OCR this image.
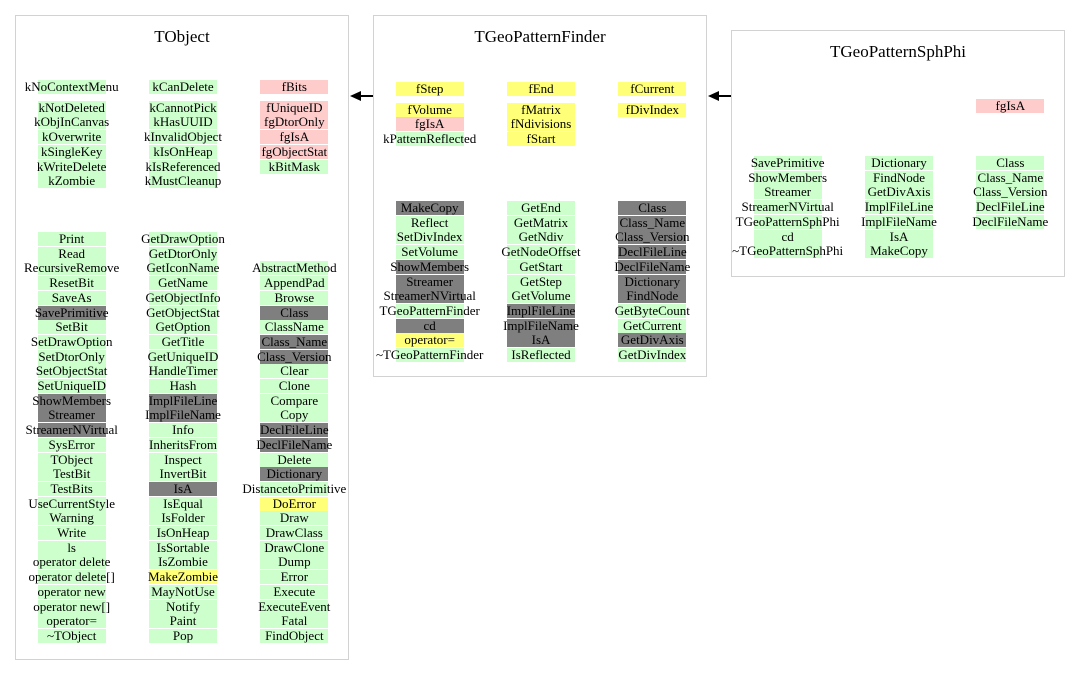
TObject
kNoContextMenu
kNotDeleted
kObjInCanvas
kOverwrite
kSingleKey
kWriteDelete
kZombie
kCanDelete
kCannotPick
kHasUUID
kInvalidObject
kIsOnHeap
kIsReferenced
kMustCleanup
fBits
fUniqueID
fgDtorOnly
fgIsA
fgObjectStat
kBitMask
Print
Read
RecursiveRemove
ResetBit
SaveAs
SavePrimitive
SetBit
SetDrawOption
SetDtorOnly
SetObjectStat
SetUniqueID
ShowMembers
Streamer
StreamerNVirtual
SysError
TObject
TestBit
TestBits
UseCurrentStyle
Warning
Write
ls
operator delete
operator delete[]
operator new
operator new[]
operator=
~TObject
GetDrawOption
GetDtorOnly
GetIconName
GetName
GetObjectInfo
GetObjectStat
GetOption
GetTitle
GetUniqueID
HandleTimer
Hash
ImplFileLine
ImplFileName
Info
InheritsFrom
Inspect
InvertBit
IsA
IsEqual
IsFolder
IsOnHeap
IsSortable
IsZombie
MakeZombie
MayNotUse
Notify
Paint
Pop
AbstractMethod
AppendPad
Browse
Class
ClassName
Class_Name
Class_Version
Clear
Clone
Compare
Copy
DeclFileLine
DeclFileName
Delete
Dictionary
DistancetoPrimitive
DoError
Draw
DrawClass
DrawClone
Dump
Error
Execute
ExecuteEvent
Fatal
FindObject
TGeoPatternFinder
fStep
fVolume
fgIsA
kPatternReflected
fEnd
fMatrix
fNdivisions
fStart
fCurrent
fDivIndex
MakeCopy
Reflect
SetDivIndex
SetVolume
ShowMembers
Streamer
StreamerNVirtual
TGeoPatternFinder
cd
operator=
~TGeoPatternFinder
GetEnd
GetMatrix
GetNdiv
GetNodeOffset
GetStart
GetStep
GetVolume
ImplFileLine
ImplFileName
IsA
IsReflected
Class
Class_Name
Class_Version
DeclFileLine
DeclFileName
Dictionary
FindNode
GetByteCount
GetCurrent
GetDivAxis
GetDivIndex
TGeoPatternSphPhi
fgIsA
SavePrimitive
ShowMembers
Streamer
StreamerNVirtual
TGeoPatternSphPhi
cd
~TGeoPatternSphPhi
Dictionary
FindNode
GetDivAxis
ImplFileLine
ImplFileName
IsA
MakeCopy
Class
Class_Name
Class_Version
DeclFileLine
DeclFileName
